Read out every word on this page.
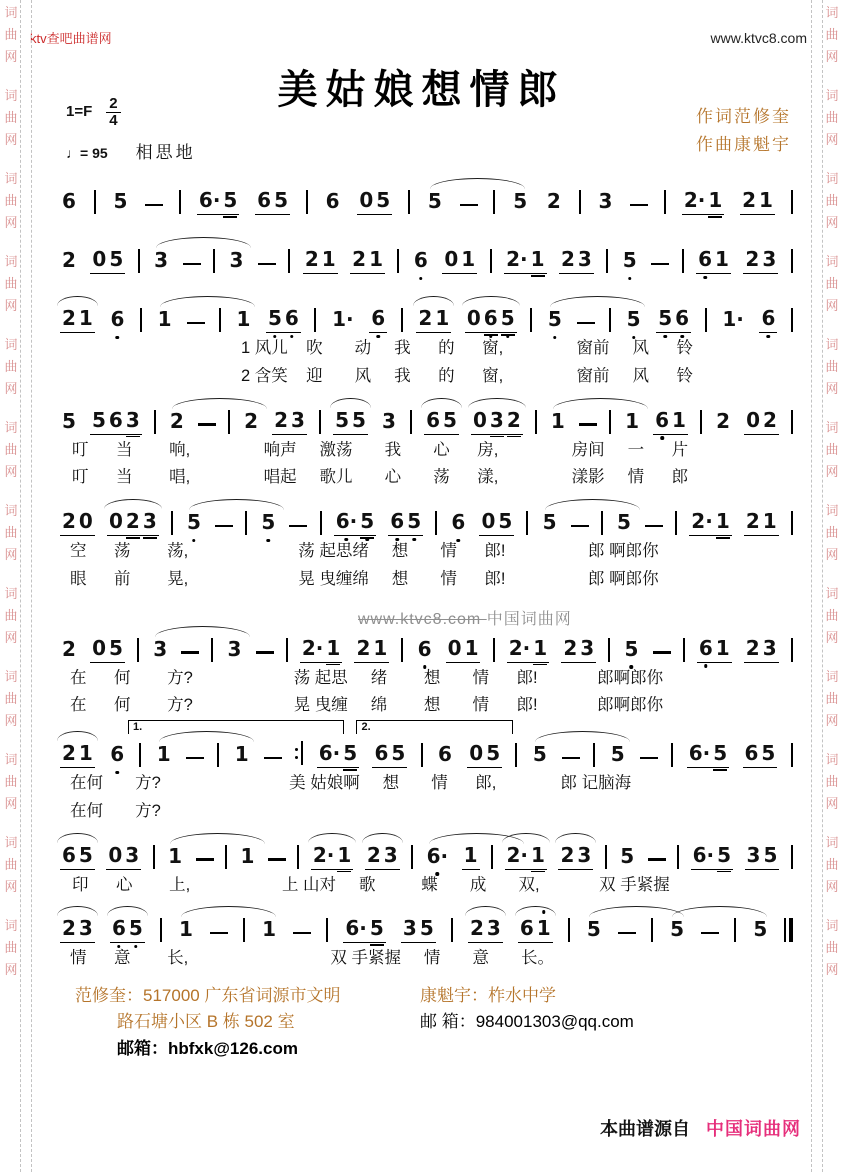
词
曲
网
词
曲
网
词
曲
网
词
曲
网
词
曲
网
词
曲
网
词
曲
网
词
曲
网
词
曲
网
词
曲
网
词
曲
网
词
曲
网
词
曲
网
词
曲
网
词
曲
网
词
曲
网
词
曲
网
词
曲
网
词
曲
网
词
曲
网
词
曲
网
词
曲
网
词
曲
网
词
曲
网
ktv查吧曲谱网	www.ktvc8.com
美姑娘想情郎
$1=F \frac{2}{4}$
♩= 95 相思地
作词范修奎
作曲康魁宇
6 5	6· 5 6 5 6 0 5 5	5 2 3	2· 1 2 1
2 0 5 3	3	2 1 2 1 6 0 1 2· 1 2 3 5	6 1 2 3
2 1 6 1	1 5 6 1· 6 2 1 0 6 5 5	5 5 6 1· 6
1 风儿    吹       动     我      的      窗,                窗前     风      铃
2 含笑    迎       风     我      的      窗,                窗前     风      铃
5 5 6 3 2	2 2 3 5 5 3 6 5 0 3 2 1	1 6 1 2 0 2
叮      当        响,                响声     激荡       我       心      房,                房间     一      片
叮      当        唱,                唱起     歌儿       心       荡      漾,                漾影     情      郎
2 0 0 2 3 5	5	6· 5 6 5 6 0 5 5	5	2· 1 2 1
空      荡        荡,                        荡 起思绪     想       情      郎!                  郎 啊郎你
眼      前        晃,                        晃 曳缠绵     想       情      郎!                  郎 啊郎你
www.ktvc8.com 中国词曲网
2 0 5 3	3	2· 1 2 1 6 0 1 2· 1 2 3 5	6 1 2 3
在      何        方?                      荡 起思     绪        想       情      郎!             郎啊郎你
在      何        方?                      晃 曳缠     绵        想       情      郎!             郎啊郎你
1.	2.
2 1 6 1	1	6· 5 6 5 6 0 5 5	5	6· 5 6 5
在何       方?                            美 姑娘啊     想       情      郎,              郎 记脑海
在何       方?
6 5 0 3 1	1	2· 1 2 3 6· 1 2· 1 2 3 5	6· 5 3 5
印      心        上,                    上 山对     歌          蝶       成       双,             双 手紧握
2 3 6 5 1	1	6· 5 3 5 2 3 6 1 5	5	5
情      意        长,                               双 手紧握     情       意       长。
范修奎：517000 广东省词源市文明
路石塘小区 B 栋 502 室
邮箱：hbfxk@126.com
康魁宇：柞水中学
邮 箱：984001303@qq.com
本曲谱源自 中国词曲网
